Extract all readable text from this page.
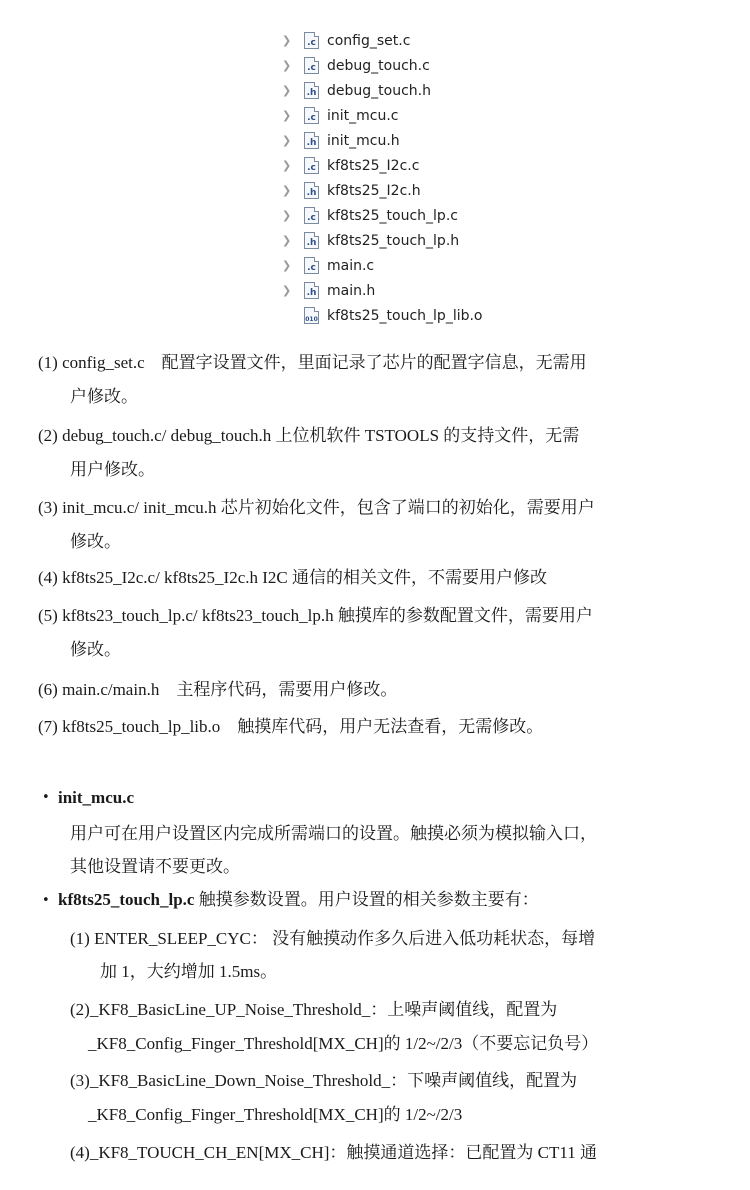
❯	.c config_set.c
❯	.c debug_touch.c
❯	.h debug_touch.h
❯	.c init_mcu.c
❯	.h init_mcu.h
❯	.c kf8ts25_I2c.c
❯	.h kf8ts25_I2c.h
❯	.c kf8ts25_touch_lp.c
❯	.h kf8ts25_touch_lp.h
❯	.c main.c
❯	.h main.h
010 kf8ts25_touch_lp_lib.o
(1) config_set.c　配置字设置文件，里面记录了芯片的配置字信息，无需用
户修改。
(2) debug_touch.c/ debug_touch.h 上位机软件 TSTOOLS 的支持文件，无需
用户修改。
(3) init_mcu.c/ init_mcu.h 芯片初始化文件，包含了端口的初始化，需要用户
修改。
(4) kf8ts25_I2c.c/ kf8ts25_I2c.h I2C 通信的相关文件，不需要用户修改
(5) kf8ts23_touch_lp.c/ kf8ts23_touch_lp.h 触摸库的参数配置文件，需要用户
修改。
(6) main.c/main.h　主程序代码，需要用户修改。
(7) kf8ts25_touch_lp_lib.o　触摸库代码，用户无法查看，无需修改。
• init_mcu.c
用户可在用户设置区内完成所需端口的设置。触摸必须为模拟输入口，
其他设置请不要更改。
• kf8ts25_touch_lp.c 触摸参数设置。用户设置的相关参数主要有：
(1) ENTER_SLEEP_CYC： 没有触摸动作多久后进入低功耗状态，每增
加 1，大约增加 1.5ms。
(2)_KF8_BasicLine_UP_Noise_Threshold_：上噪声阈值线，配置为
_KF8_Config_Finger_Threshold[MX_CH]的 1/2~/2/3（不要忘记负号）
(3)_KF8_BasicLine_Down_Noise_Threshold_：下噪声阈值线，配置为
_KF8_Config_Finger_Threshold[MX_CH]的 1/2~/2/3
(4)_KF8_TOUCH_CH_EN[MX_CH]：触摸通道选择：已配置为 CT11 通
